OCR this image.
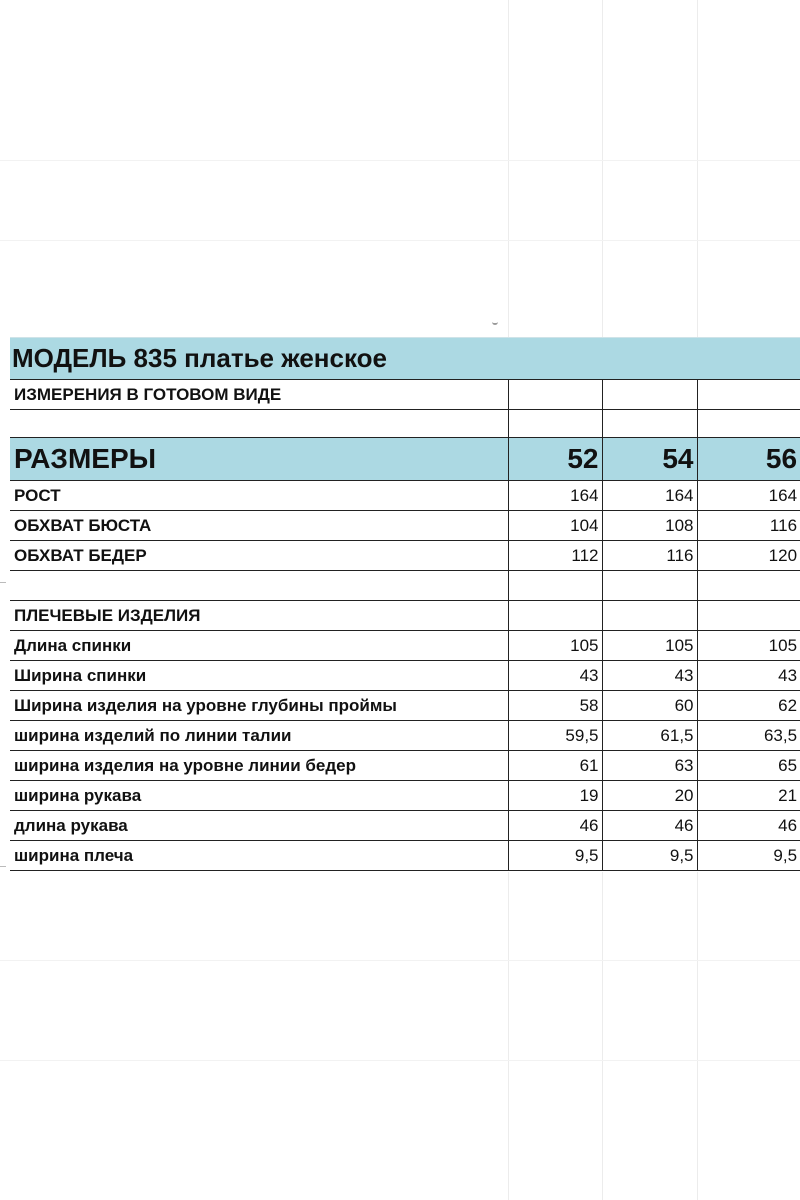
МОДЕЛЬ 835 платье женское			
ИЗМЕРЕНИЯ В ГОТОВОМ ВИДЕ			

РАЗМЕРЫ	52	54	56
РОСТ	164	164	164
ОБХВАТ БЮСТА	104	108	116
ОБХВАТ БЕДЕР	112	116	120

ПЛЕЧЕВЫЕ ИЗДЕЛИЯ			
Длина спинки	105	105	105
Ширина спинки	43	43	43
Ширина изделия на уровне глубины проймы	58	60	62
ширина изделий по линии талии	59,5	61,5	63,5
ширина изделия на уровне линии бедер	61	63	65
ширина рукава	19	20	21
длина рукава	46	46	46
ширина плеча	9,5	9,5	9,5
